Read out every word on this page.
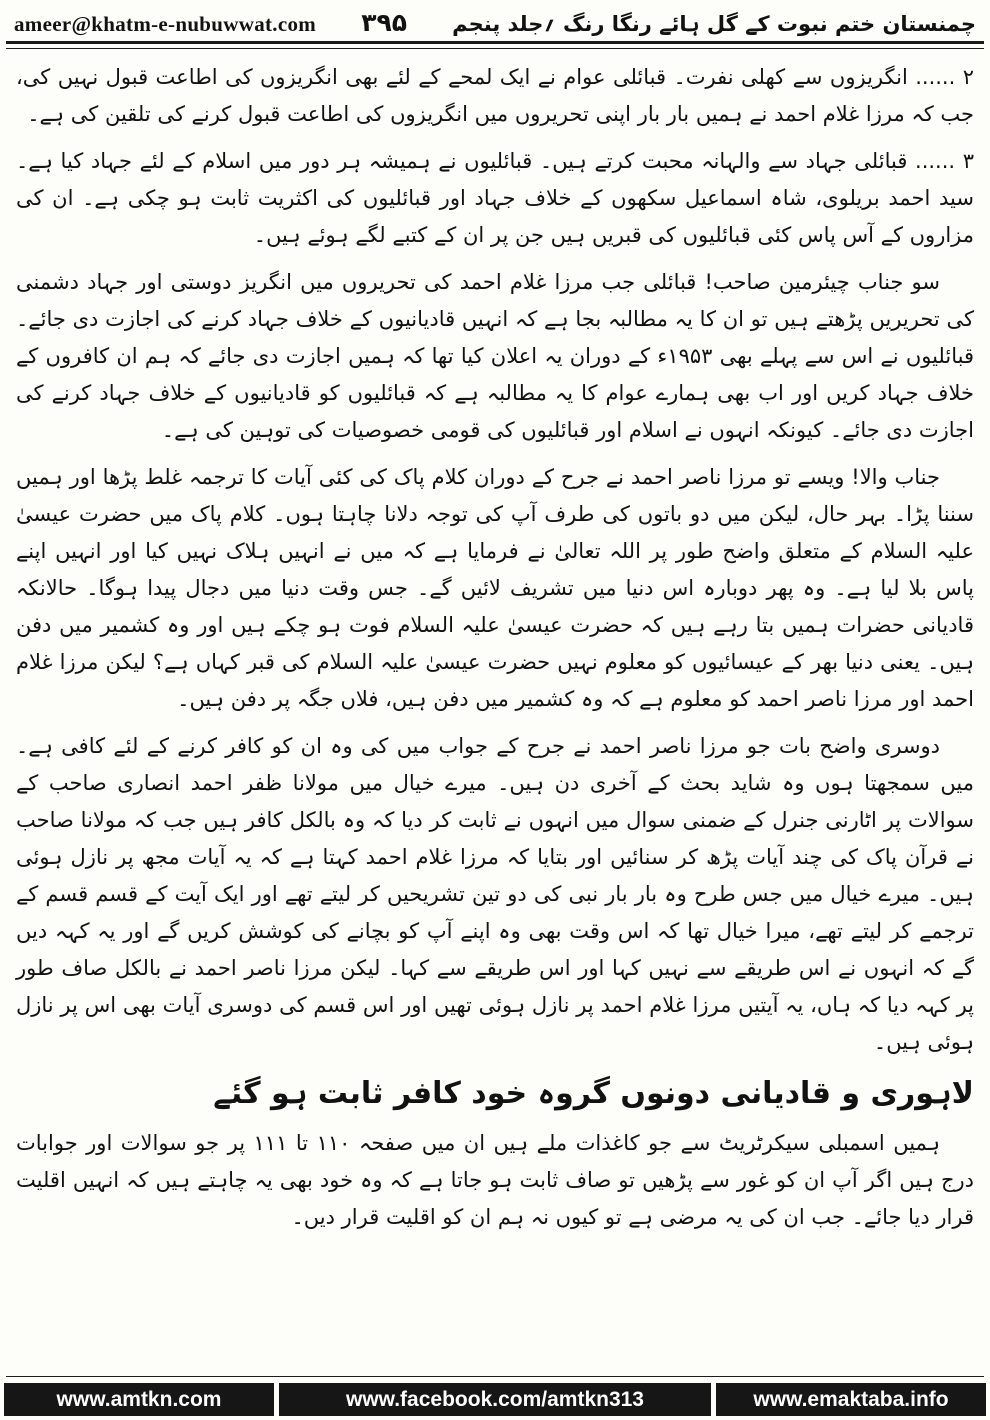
ameer@khatm-e-nubuwwat.com ۳۹۵ چمنستان ختم نبوت کے گل ہائے رنگا رنگ ؍جلد پنجم

۲ ...... انگریزوں سے کھلی نفرت۔ قبائلی عوام نے ایک لمحے کے لئے بھی انگریزوں کی اطاعت قبول نہیں کی، جب کہ مرزا غلام احمد نے ہمیں بار بار اپنی تحریروں میں انگریزوں کی اطاعت قبول کرنے کی تلقین کی ہے۔

۳ ...... قبائلی جہاد سے والہانہ محبت کرتے ہیں۔ قبائلیوں نے ہمیشہ ہر دور میں اسلام کے لئے جہاد کیا ہے۔ سید احمد بریلوی، شاہ اسماعیل سکھوں کے خلاف جہاد اور قبائلیوں کی اکثریت ثابت ہو چکی ہے۔ ان کی مزاروں کے آس پاس کئی قبائلیوں کی قبریں ہیں جن پر ان کے کتبے لگے ہوئے ہیں۔

سو جناب چیئرمین صاحب! قبائلی جب مرزا غلام احمد کی تحریروں میں انگریز دوستی اور جہاد دشمنی کی تحریریں پڑھتے ہیں تو ان کا یہ مطالبہ بجا ہے کہ انہیں قادیانیوں کے خلاف جہاد کرنے کی اجازت دی جائے۔ قبائلیوں نے اس سے پہلے بھی ۱۹۵۳ء کے دوران یہ اعلان کیا تھا کہ ہمیں اجازت دی جائے کہ ہم ان کافروں کے خلاف جہاد کریں اور اب بھی ہمارے عوام کا یہ مطالبہ ہے کہ قبائلیوں کو قادیانیوں کے خلاف جہاد کرنے کی اجازت دی جائے۔ کیونکہ انہوں نے اسلام اور قبائلیوں کی قومی خصوصیات کی توہین کی ہے۔

جناب والا! ویسے تو مرزا ناصر احمد نے جرح کے دوران کلام پاک کی کئی آیات کا ترجمہ غلط پڑھا اور ہمیں سننا پڑا۔ بہر حال، لیکن میں دو باتوں کی طرف آپ کی توجہ دلانا چاہتا ہوں۔ کلام پاک میں حضرت عیسیٰ علیہ السلام کے متعلق واضح طور پر اللہ تعالیٰ نے فرمایا ہے کہ میں نے انہیں ہلاک نہیں کیا اور انہیں اپنے پاس بلا لیا ہے۔ وہ پھر دوبارہ اس دنیا میں تشریف لائیں گے۔ جس وقت دنیا میں دجال پیدا ہوگا۔ حالانکہ قادیانی حضرات ہمیں بتا رہے ہیں کہ حضرت عیسیٰ علیہ السلام فوت ہو چکے ہیں اور وہ کشمیر میں دفن ہیں۔ یعنی دنیا بھر کے عیسائیوں کو معلوم نہیں حضرت عیسیٰ علیہ السلام کی قبر کہاں ہے؟ لیکن مرزا غلام احمد اور مرزا ناصر احمد کو معلوم ہے کہ وہ کشمیر میں دفن ہیں، فلاں جگہ پر دفن ہیں۔

دوسری واضح بات جو مرزا ناصر احمد نے جرح کے جواب میں کی وہ ان کو کافر کرنے کے لئے کافی ہے۔ میں سمجھتا ہوں وہ شاید بحث کے آخری دن ہیں۔ میرے خیال میں مولانا ظفر احمد انصاری صاحب کے سوالات پر اٹارنی جنرل کے ضمنی سوال میں انہوں نے ثابت کر دیا کہ وہ بالکل کافر ہیں جب کہ مولانا صاحب نے قرآن پاک کی چند آیات پڑھ کر سنائیں اور بتایا کہ مرزا غلام احمد کہتا ہے کہ یہ آیات مجھ پر نازل ہوئی ہیں۔ میرے خیال میں جس طرح وہ بار بار نبی کی دو تین تشریحیں کر لیتے تھے اور ایک آیت کے قسم قسم کے ترجمے کر لیتے تھے، میرا خیال تھا کہ اس وقت بھی وہ اپنے آپ کو بچانے کی کوشش کریں گے اور یہ کہہ دیں گے کہ انہوں نے اس طریقے سے نہیں کہا اور اس طریقے سے کہا۔ لیکن مرزا ناصر احمد نے بالکل صاف طور پر کہہ دیا کہ ہاں، یہ آیتیں مرزا غلام احمد پر نازل ہوئی تھیں اور اس قسم کی دوسری آیات بھی اس پر نازل ہوئی ہیں۔

لاہوری و قادیانی دونوں گروہ خود کافر ثابت ہو گئے

ہمیں اسمبلی سیکرٹریٹ سے جو کاغذات ملے ہیں ان میں صفحہ ۱۱۰ تا ۱۱۱ پر جو سوالات اور جوابات درج ہیں اگر آپ ان کو غور سے پڑھیں تو صاف ثابت ہو جاتا ہے کہ وہ خود بھی یہ چاہتے ہیں کہ انہیں اقلیت قرار دیا جائے۔ جب ان کی یہ مرضی ہے تو کیوں نہ ہم ان کو اقلیت قرار دیں۔

www.amtkn.com	www.facebook.com/amtkn313	www.emaktaba.info
